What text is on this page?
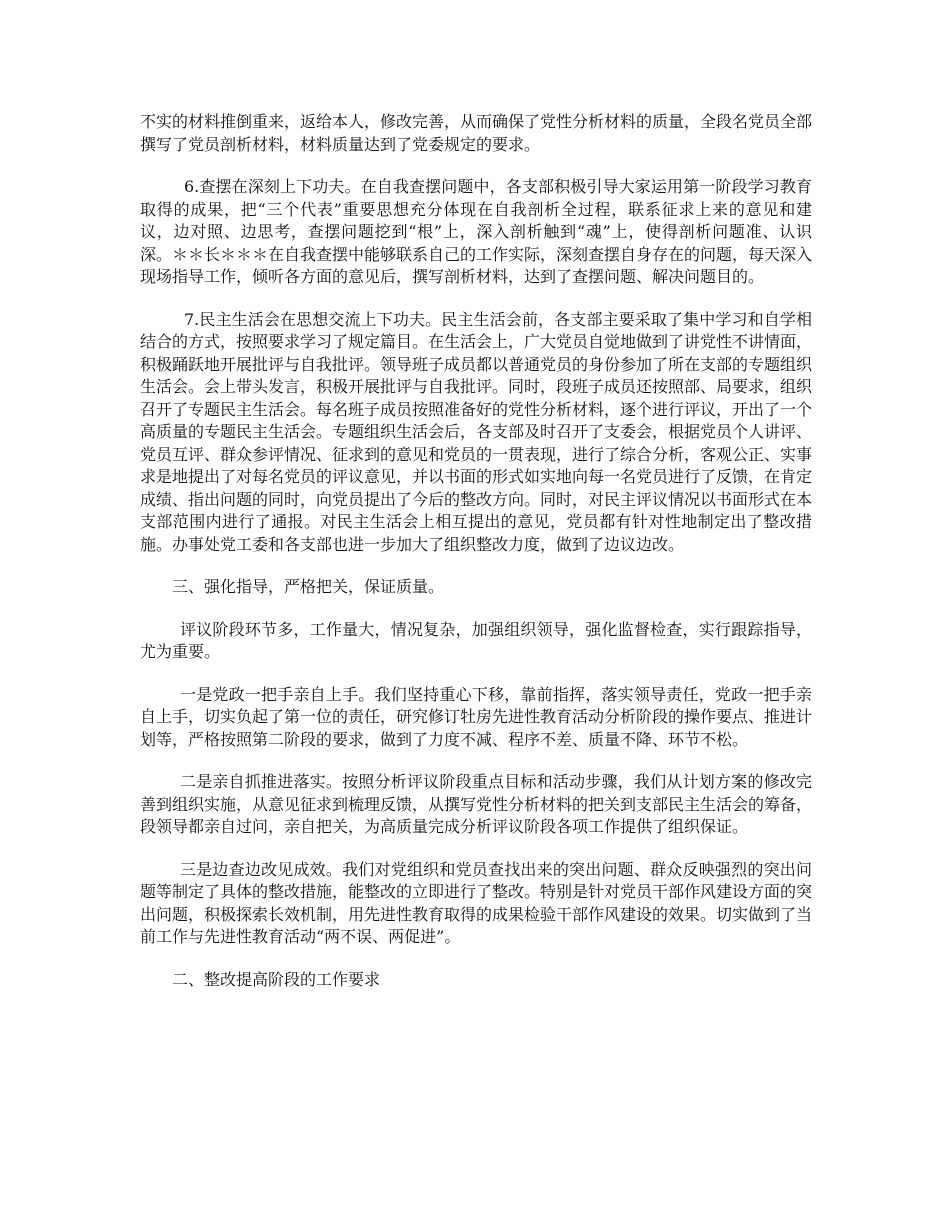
不实的材料推倒重来，返给本人，修改完善，从而确保了党性分析材料的质量，全段名党员全部撰写了党员剖析材料，材料质量达到了党委规定的要求。

6.查摆在深刻上下功夫。在自我查摆问题中，各支部积极引导大家运用第一阶段学习教育取得的成果，把“三个代表”重要思想充分体现在自我剖析全过程，联系征求上来的意见和建议，边对照、边思考，查摆问题挖到“根”上，深入剖析触到“魂”上，使得剖析问题准、认识深。＊＊长＊＊＊在自我查摆中能够联系自己的工作实际，深刻查摆自身存在的问题，每天深入现场指导工作，倾听各方面的意见后，撰写剖析材料，达到了查摆问题、解决问题目的。

7.民主生活会在思想交流上下功夫。民主生活会前，各支部主要采取了集中学习和自学相结合的方式，按照要求学习了规定篇目。在生活会上，广大党员自觉地做到了讲党性不讲情面，积极踊跃地开展批评与自我批评。领导班子成员都以普通党员的身份参加了所在支部的专题组织生活会。会上带头发言，积极开展批评与自我批评。同时，段班子成员还按照部、局要求，组织召开了专题民主生活会。每名班子成员按照准备好的党性分析材料，逐个进行评议，开出了一个高质量的专题民主生活会。专题组织生活会后，各支部及时召开了支委会，根据党员个人讲评、党员互评、群众参评情况、征求到的意见和党员的一贯表现，进行了综合分析，客观公正、实事求是地提出了对每名党员的评议意见，并以书面的形式如实地向每一名党员进行了反馈，在肯定成绩、指出问题的同时，向党员提出了今后的整改方向。同时，对民主评议情况以书面形式在本支部范围内进行了通报。对民主生活会上相互提出的意见，党员都有针对性地制定出了整改措施。办事处党工委和各支部也进一步加大了组织整改力度，做到了边议边改。

三、强化指导，严格把关，保证质量。

评议阶段环节多，工作量大，情况复杂，加强组织领导，强化监督检查，实行跟踪指导，尤为重要。

一是党政一把手亲自上手。我们坚持重心下移，靠前指挥，落实领导责任，党政一把手亲自上手，切实负起了第一位的责任，研究修订牡房先进性教育活动分析阶段的操作要点、推进计划等，严格按照第二阶段的要求，做到了力度不减、程序不差、质量不降、环节不松。

二是亲自抓推进落实。按照分析评议阶段重点目标和活动步骤，我们从计划方案的修改完善到组织实施，从意见征求到梳理反馈，从撰写党性分析材料的把关到支部民主生活会的筹备，段领导都亲自过问，亲自把关，为高质量完成分析评议阶段各项工作提供了组织保证。

三是边查边改见成效。我们对党组织和党员查找出来的突出问题、群众反映强烈的突出问题等制定了具体的整改措施，能整改的立即进行了整改。特别是针对党员干部作风建设方面的突出问题，积极探索长效机制，用先进性教育取得的成果检验干部作风建设的效果。切实做到了当前工作与先进性教育活动“两不误、两促进”。

二、整改提高阶段的工作要求
